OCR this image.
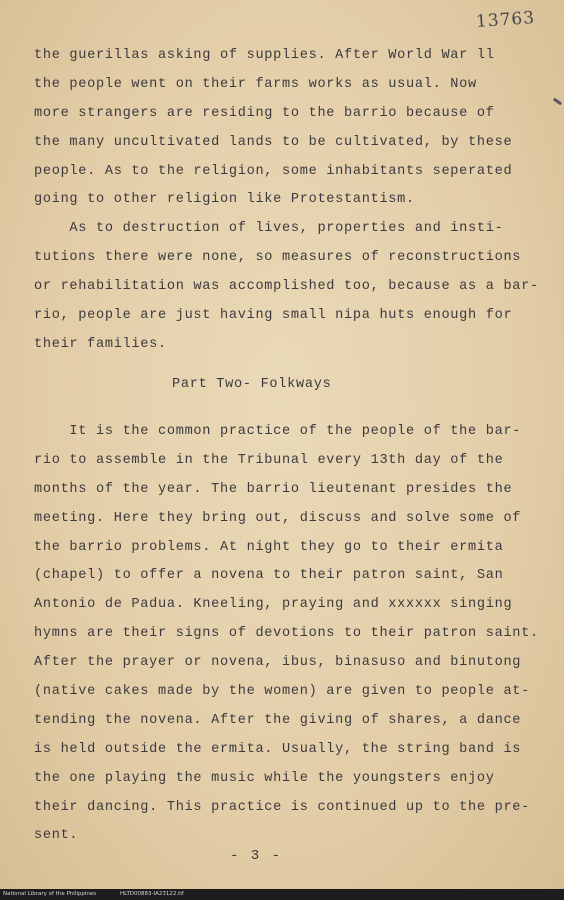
13763
the guerillas asking of supplies. After World War ll
the people went on their farms works as usual. Now
more strangers are residing to the barrio because of
the many uncultivated lands to be cultivated, by these
people. As to the religion, some inhabitants seperated
going to other religion like Protestantism.
As to destruction of lives, properties and insti-
tutions there were none, so measures of reconstructions
or rehabilitation was accomplished too, because as a bar-
rio, people are just having small nipa huts enough for
their families.
Part Two- Folkways
It is the common practice of the people of the bar-
rio to assemble in the Tribunal every 13th day of the
months of the year. The barrio lieutenant presides the
meeting. Here they bring out, discuss and solve some of
the barrio problems. At night they go to their ermita
(chapel) to offer a novena to their patron saint, San
Antonio de Padua. Kneeling, praying and xxxxxx singing
hymns are their signs of devotions to their patron saint.
After the prayer or novena, ibus, binasuso and binutong
(native cakes made by the women) are given to people at-
tending the novena. After the giving of shares, a dance
is held outside the ermita. Usually, the string band is
the one playing the music while the youngsters enjoy
their dancing. This practice is continued up to the pre-
sent.
- 3 -
National Library of the Philippines	HLTD00883-IA23122.tif
